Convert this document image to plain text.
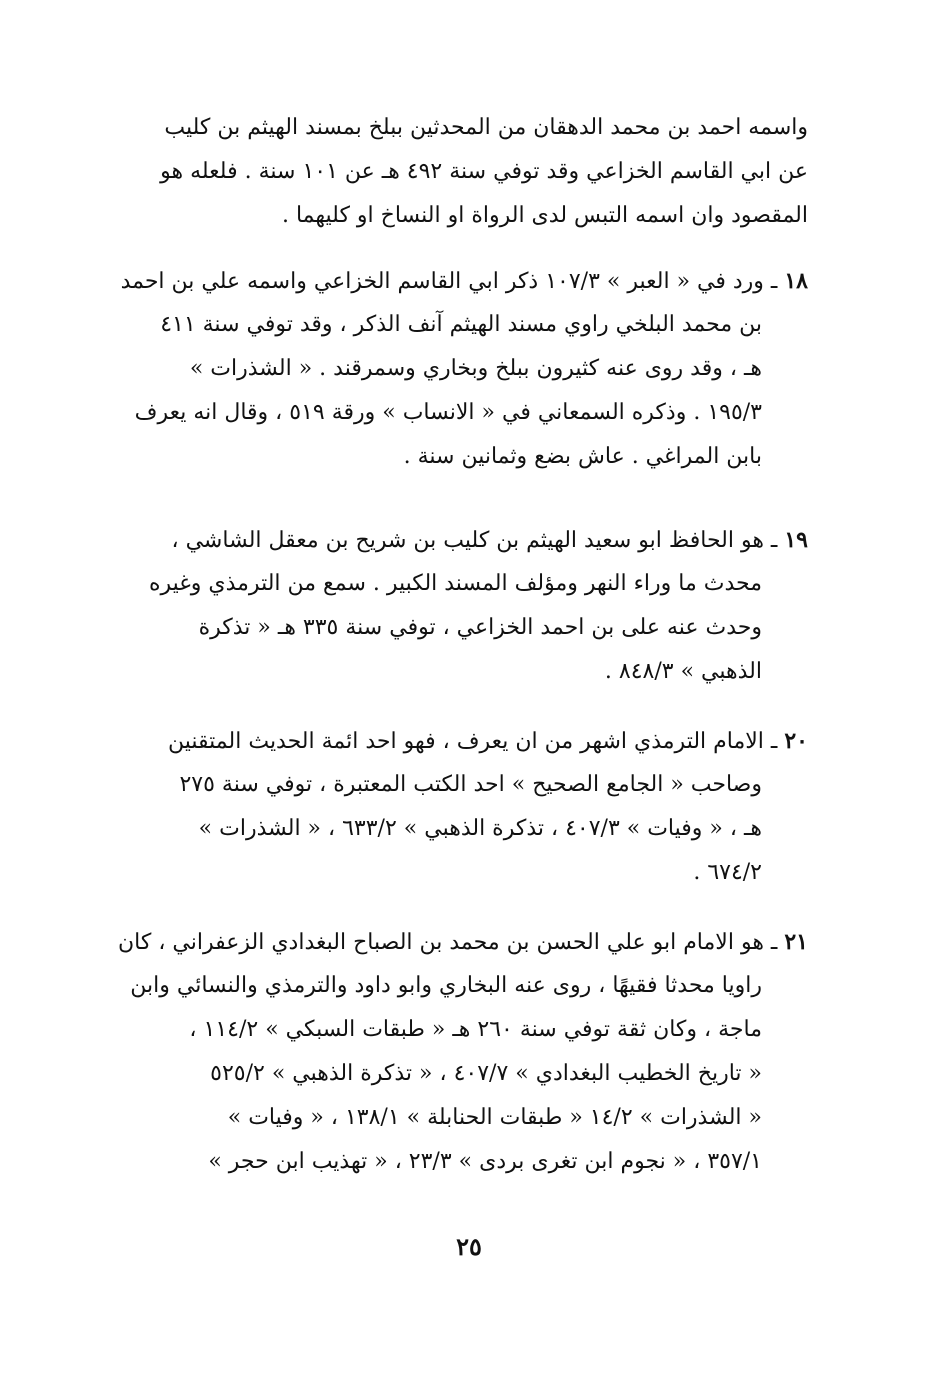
واسمه احمد بن محمد الدهقان من المحدثين ببلخ بمسند الهيثم بن كليب
عن ابي القاسم الخزاعي وقد توفي سنة ٤٩٢ هـ عن ١٠١ سنة . فلعله هو
المقصود وان اسمه التبس لدى الرواة او النساخ او كليهما .
١٨ ـ ورد في « العبر » ١٠٧/٣ ذكر ابي القاسم الخزاعي واسمه علي بن احمد
بن محمد البلخي راوي مسند الهيثم آنف الذكر ، وقد توفي سنة ٤١١
هـ ، وقد روى عنه كثيرون ببلخ وبخاري وسمرقند . « الشذرات »
١٩٥/٣ . وذكره السمعاني في « الانساب » ورقة ٥١٩ ، وقال انه يعرف
بابن المراغي . عاش بضع وثمانين سنة .
١٩ ـ هو الحافظ ابو سعيد الهيثم بن كليب بن شريح بن معقل الشاشي ،
محدث ما وراء النهر ومؤلف المسند الكبير . سمع من الترمذي وغيره
وحدث عنه على بن احمد الخزاعي ، توفي سنة ٣٣٥ هـ « تذكرة
الذهبي » ٨٤٨/٣ .
٢٠ ـ الامام الترمذي اشهر من ان يعرف ، فهو احد ائمة الحديث المتقنين
وصاحب « الجامع الصحيح » احد الكتب المعتبرة ، توفي سنة ٢٧٥
هـ ، « وفيات » ٤٠٧/٣ ، تذكرة الذهبي » ٦٣٣/٢ ، « الشذرات »
٦٧٤/٢ .
٢١ ـ هو الامام ابو علي الحسن بن محمد بن الصباح البغدادي الزعفراني ، كان
راويا محدثا فقيهًا ، روى عنه البخاري وابو داود والترمذي والنسائي وابن
ماجة ، وكان ثقة توفي سنة ٢٦٠ هـ « طبقات السبكي » ١١٤/٢ ،
« تاريخ الخطيب البغدادي » ٤٠٧/٧ ، « تذكرة الذهبي » ٥٢٥/٢
« الشذرات » ١٤/٢ « طبقات الحنابلة » ١٣٨/١ ، « وفيات »
٣٥٧/١ ، « نجوم ابن تغرى بردى » ٢٣/٣ ، « تهذيب ابن حجر »
٢٥
